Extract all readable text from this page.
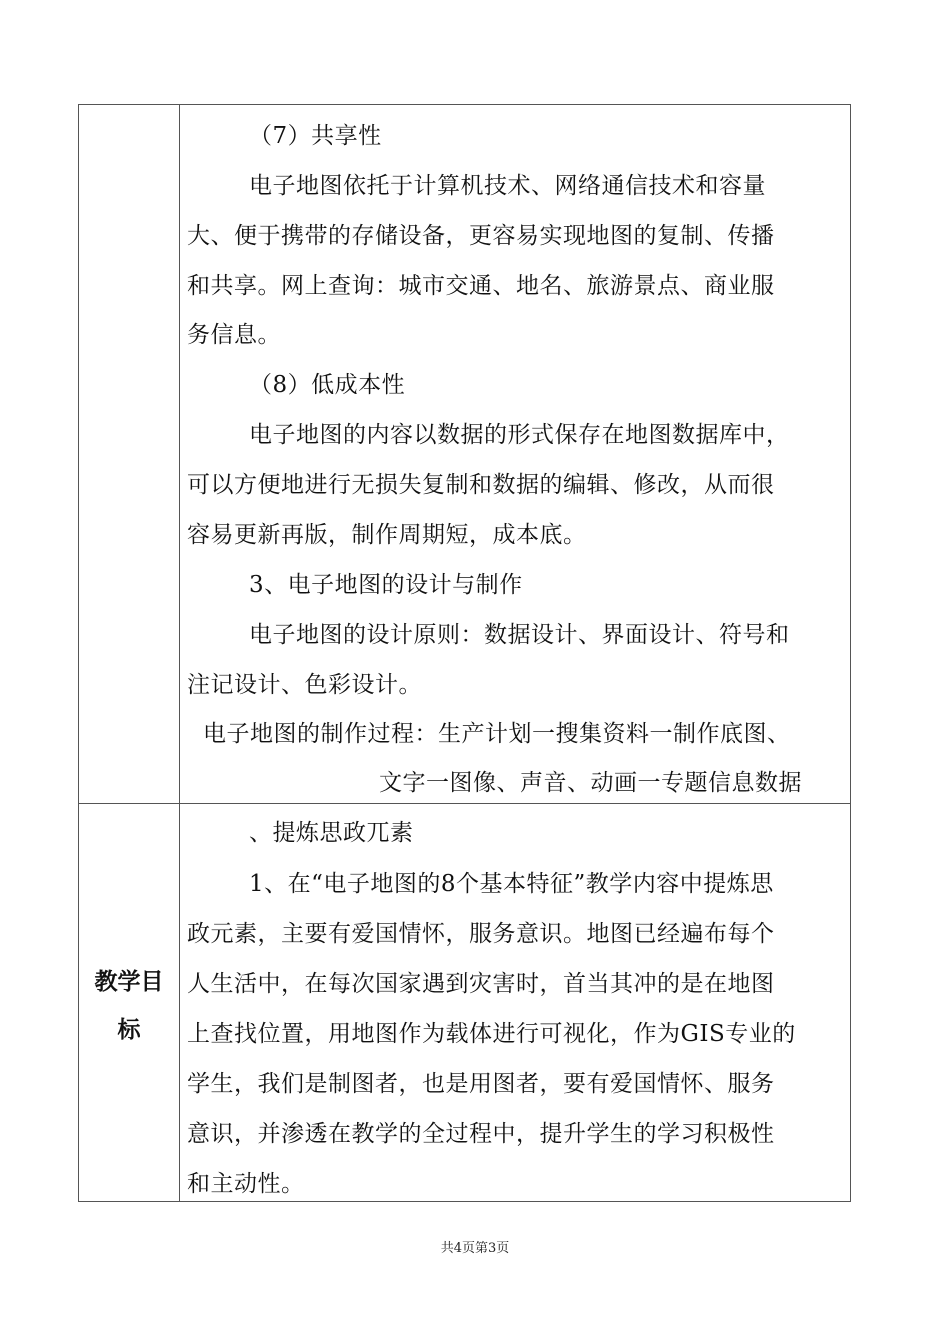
（7）共享性
电子地图依托于计算机技术、网络通信技术和容量
大、便于携带的存储设备，更容易实现地图的复制、传播
和共享。网上查询：城市交通、地名、旅游景点、商业服
务信息。
（8）低成本性
电子地图的内容以数据的形式保存在地图数据库中，
可以方便地进行无损失复制和数据的编辑、修改，从而很
容易更新再版，制作周期短，成本底。
3、电子地图的设计与制作
电子地图的设计原则：数据设计、界面设计、符号和
注记设计、色彩设计。
电子地图的制作过程：生产计划一搜集资料一制作底图、
文字一图像、声音、动画一专题信息数据
教学目
标
、提炼思政兀素
1、在“电子地图的8个基本特征”教学内容中提炼思
政元素，主要有爱国情怀，服务意识。地图已经遍布每个
人生活中，在每次国家遇到灾害时，首当其冲的是在地图
上查找位置，用地图作为载体进行可视化，作为GIS专业的
学生，我们是制图者，也是用图者，要有爱国情怀、服务
意识，并渗透在教学的全过程中，提升学生的学习积极性
和主动性。
共4页第3页
